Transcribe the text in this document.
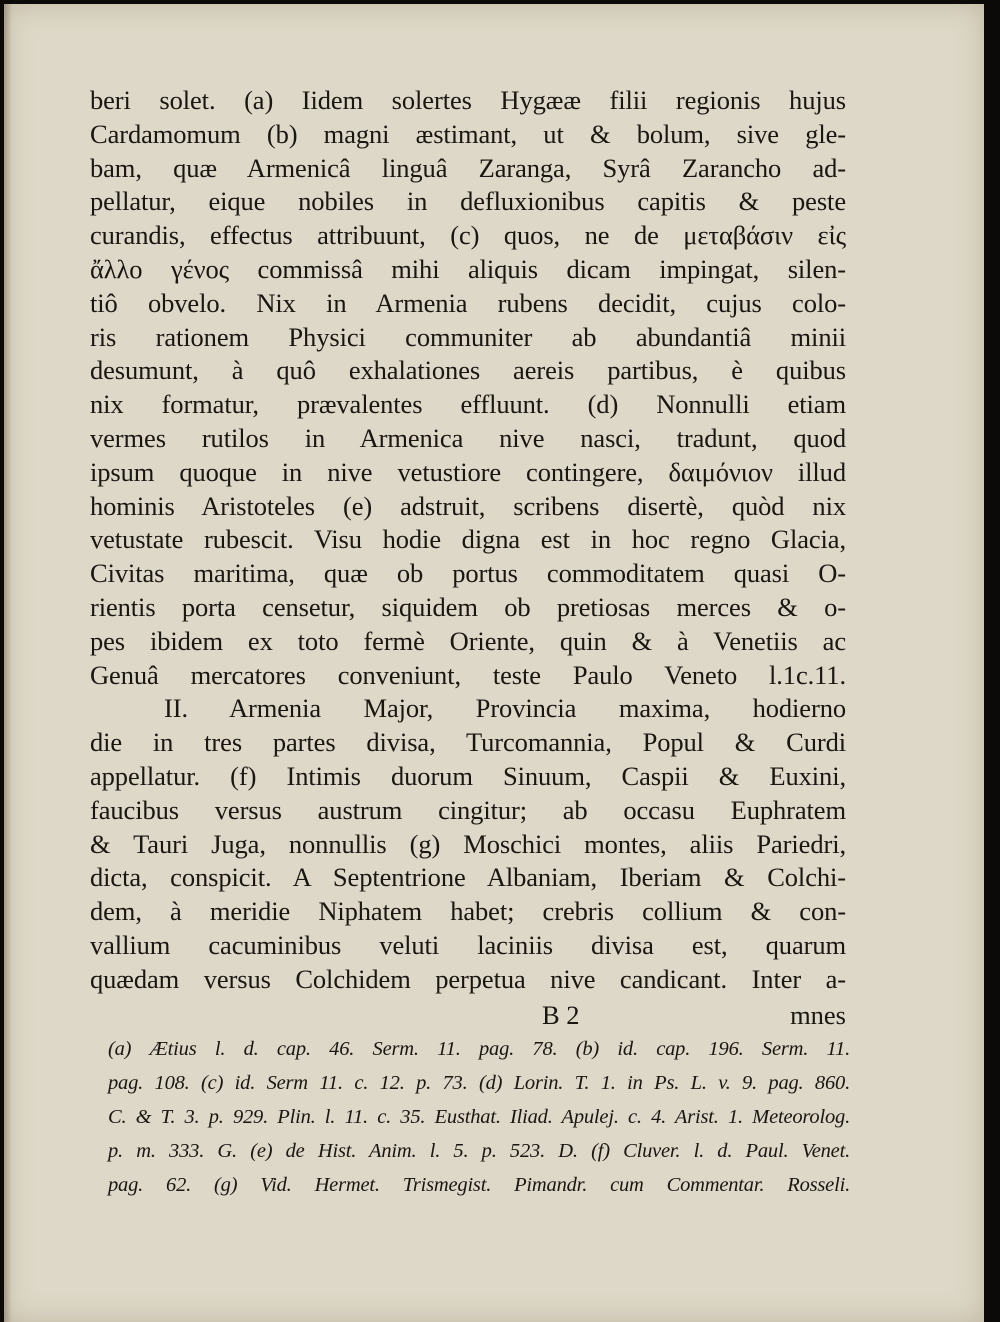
beri solet. (a) Iidem solertes Hygææ filii regionis hujus
Cardamomum (b) magni æstimant, ut & bolum, sive gle-
bam, quæ Armenicâ linguâ Zaranga, Syrâ Zarancho ad-
pellatur, eique nobiles in defluxionibus capitis & peste
curandis, effectus attribuunt, (c) quos, ne de μεταβάσιν εἰς
ἄλλο γένος commissâ mihi aliquis dicam impingat, silen-
tiô obvelo. Nix in Armenia rubens decidit, cujus colo-
ris rationem Physici communiter ab abundantiâ minii
desumunt, à quô exhalationes aereis partibus, è quibus
nix formatur, prævalentes effluunt. (d) Nonnulli etiam
vermes rutilos in Armenica nive nasci, tradunt, quod
ipsum quoque in nive vetustiore contingere, δαιμόνιον illud
hominis Aristoteles (e) adstruit, scribens disertè, quòd nix
vetustate rubescit. Visu hodie digna est in hoc regno Glacia,
Civitas maritima, quæ ob portus commoditatem quasi O-
rientis porta censetur, siquidem ob pretiosas merces & o-
pes ibidem ex toto fermè Oriente, quin & à Venetiis ac
Genuâ mercatores conveniunt, teste Paulo Veneto l.1c.11.
II. Armenia Major, Provincia maxima, hodierno
die in tres partes divisa, Turcomannia, Popul & Curdi
appellatur. (f) Intimis duorum Sinuum, Caspii & Euxini,
faucibus versus austrum cingitur; ab occasu Euphratem
& Tauri Juga, nonnullis (g) Moschici montes, aliis Pariedri,
dicta, conspicit. A Septentrione Albaniam, Iberiam & Colchi-
dem, à meridie Niphatem habet; crebris collium & con-
vallium cacuminibus veluti laciniis divisa est, quarum
quædam versus Colchidem perpetua nive candicant. Inter a-
B 2	mnes
(a) Ætius l. d. cap. 46. Serm. 11. pag. 78. (b) id. cap. 196. Serm. 11.
pag. 108. (c) id. Serm 11. c. 12. p. 73. (d) Lorin. T. 1. in Ps. L. v. 9. pag. 860.
C. & T. 3. p. 929. Plin. l. 11. c. 35. Eusthat. Iliad. Apulej. c. 4. Arist. 1. Meteorolog.
p. m. 333. G. (e) de Hist. Anim. l. 5. p. 523. D. (f) Cluver. l. d. Paul. Venet.
pag. 62. (g) Vid. Hermet. Trismegist. Pimandr. cum Commentar. Rosseli.
